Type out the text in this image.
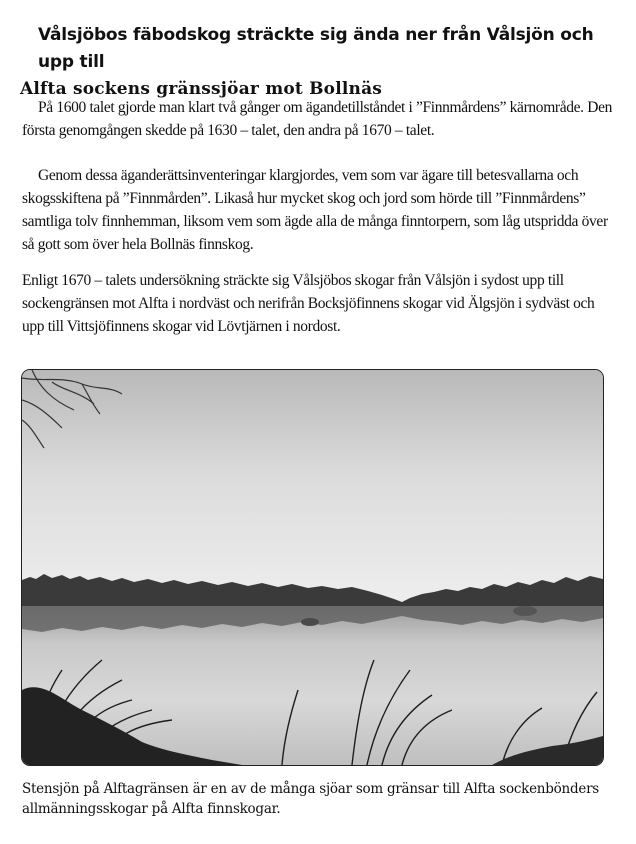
Vålsjöbos fäbodskog sträckte sig ända ner från Vålsjön och upp till
Alfta sockens gränssjöar mot Bollnäs

På 1600 talet gjorde man klart två gånger om ägandetillståndet i ”Finnmårdens” kärnområde. Den första genomgången skedde på 1630 – talet, den andra på 1670 – talet.

Genom dessa äganderättsinventeringar klargjordes, vem som var ägare till betesvallarna och skogsskiftena på ”Finnmården”. Likaså hur mycket skog och jord som hörde till ”Finnmårdens” samtliga tolv finnhemman, liksom vem som ägde alla de många finntorpern, som låg utspridda över så gott som över hela Bollnäs finnskog.

Enligt 1670 – talets undersökning sträckte sig Vålsjöbos skogar från Vålsjön i sydost upp till sockengränsen mot Alfta i nordväst och nerifrån Bocksjöfinnens skogar vid Älgsjön i sydväst och upp till Vittsjöfinnens skogar vid Lövtjärnen i nordost.

Stensjön på Alftagränsen är en av de många sjöar som gränsar till Alfta sockenbönders allmänningsskogar på Alfta finnskogar.
